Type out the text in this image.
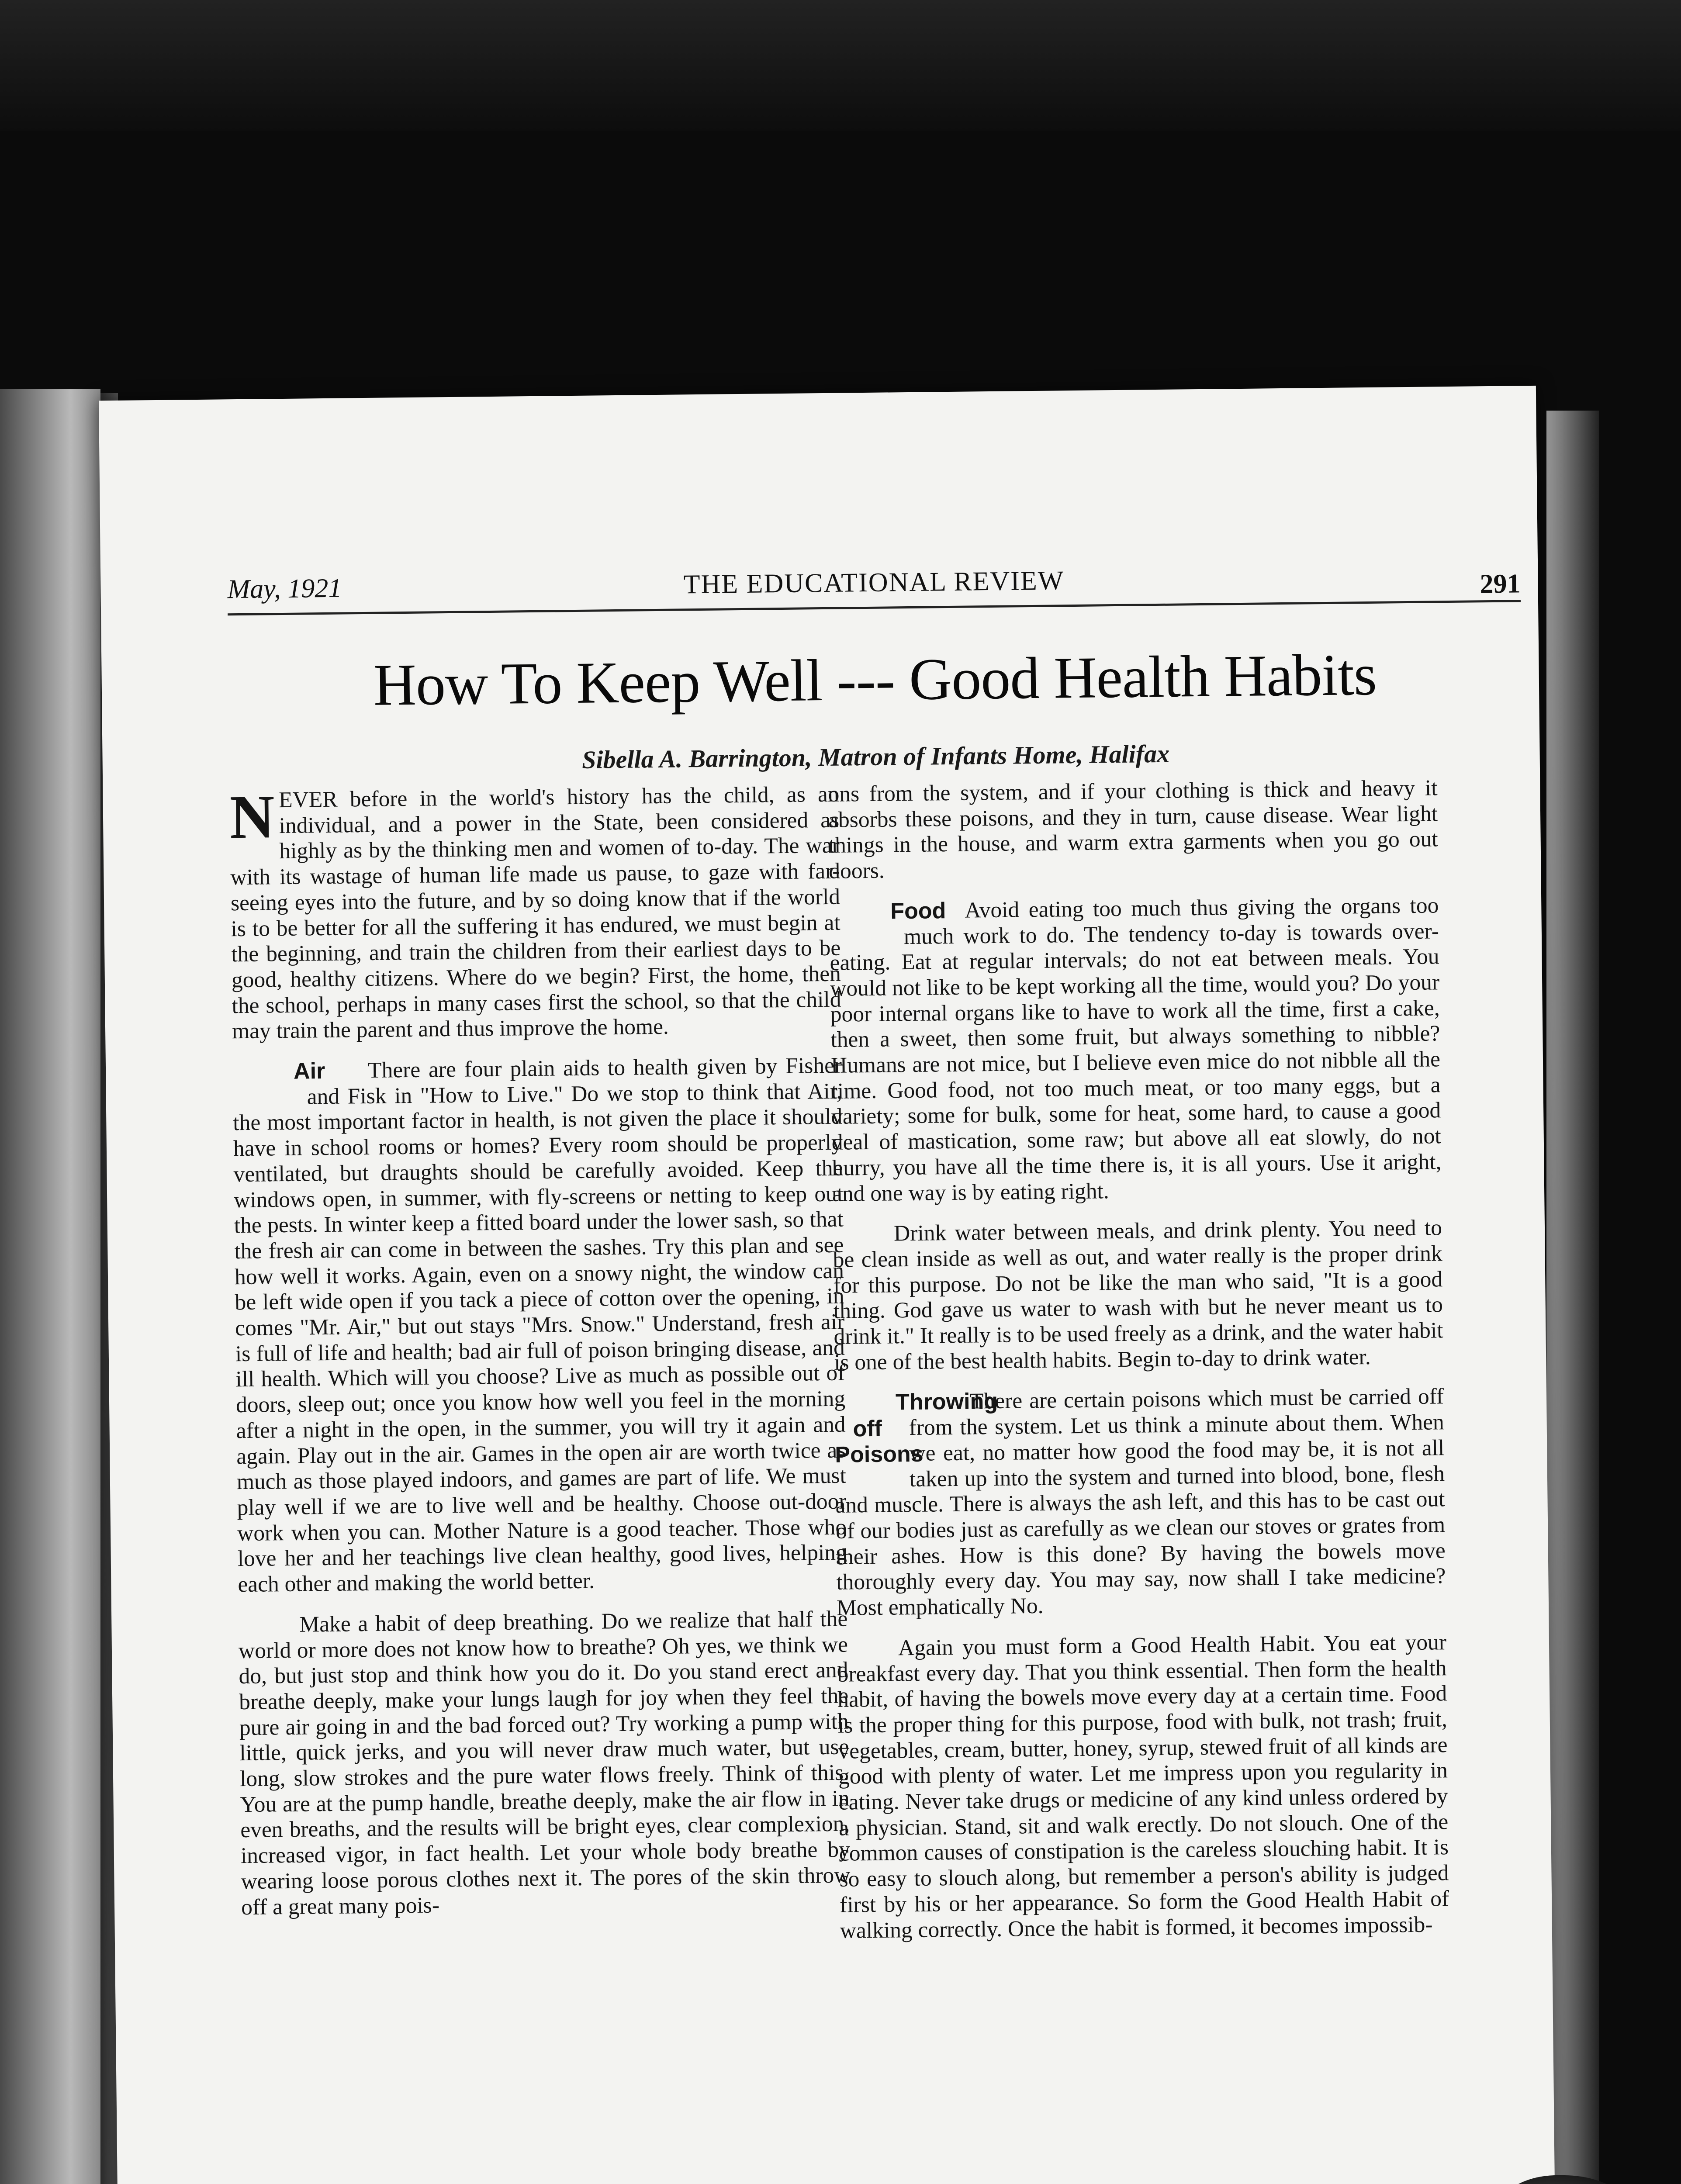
May, 1921	THE EDUCATIONAL REVIEW	291
How To Keep Well --- Good Health Habits
Sibella A. Barrington, Matron of Infants Home, Halifax

NEVER before in the world's history has the child, as an individual, and a power in the State, been considered as highly as by the thinking men and women of to-day. The war with its wastage of human life made us pause, to gaze with far-seeing eyes into the future, and by so doing know that if the world is to be better for all the suffering it has endured, we must begin at the beginning, and train the children from their earliest days to be good, healthy citizens. Where do we begin? First, the home, then the school, perhaps in many cases first the school, so that the child may train the parent and thus improve the home.

Air There are four plain aids to health given by Fisher and Fisk in "How to Live." Do we stop to think that Air, the most important factor in health, is not given the place it should have in school rooms or homes? Every room should be properly ventilated, but draughts should be carefully avoided. Keep the windows open, in summer, with fly-screens or netting to keep out the pests. In winter keep a fitted board under the lower sash, so that the fresh air can come in between the sashes. Try this plan and see how well it works. Again, even on a snowy night, the window can be left wide open if you tack a piece of cotton over the opening, in comes "Mr. Air," but out stays "Mrs. Snow." Understand, fresh air is full of life and health; bad air full of poison bringing disease, and ill health. Which will you choose? Live as much as possible out of doors, sleep out; once you know how well you feel in the morning after a night in the open, in the summer, you will try it again and again. Play out in the air. Games in the open air are worth twice as much as those played indoors, and games are part of life. We must play well if we are to live well and be healthy. Choose out-door work when you can. Mother Nature is a good teacher. Those who love her and her teachings live clean healthy, good lives, helping each other and making the world better.

Make a habit of deep breathing. Do we realize that half the world or more does not know how to breathe? Oh yes, we think we do, but just stop and think how you do it. Do you stand erect and breathe deeply, make your lungs laugh for joy when they feel the pure air going in and the bad forced out? Try working a pump with little, quick jerks, and you will never draw much water, but use long, slow strokes and the pure water flows freely. Think of this. You are at the pump handle, breathe deeply, make the air flow in in even breaths, and the results will be bright eyes, clear complexion, increased vigor, in fact health. Let your whole body breathe by wearing loose porous clothes next it. The pores of the skin throw off a great many pois-

ons from the system, and if your clothing is thick and heavy it absorbs these poisons, and they in turn, cause disease. Wear light things in the house, and warm extra garments when you go out doors.

Food Avoid eating too much thus giving the organs too much work to do. The tendency to-day is towards over-eating. Eat at regular intervals; do not eat between meals. You would not like to be kept working all the time, would you? Do your poor internal organs like to have to work all the time, first a cake, then a sweet, then some fruit, but always something to nibble? Humans are not mice, but I believe even mice do not nibble all the time. Good food, not too much meat, or too many eggs, but a variety; some for bulk, some for heat, some hard, to cause a good deal of mastication, some raw; but above all eat slowly, do not hurry, you have all the time there is, it is all yours. Use it aright, and one way is by eating right.

Drink water between meals, and drink plenty. You need to be clean inside as well as out, and water really is the proper drink for this purpose. Do not be like the man who said, "It is a good thing. God gave us water to wash with but he never meant us to drink it." It really is to be used freely as a drink, and the water habit is one of the best health habits. Begin to-day to drink water.

Throwing
off
Poisons
There are certain poisons which must be carried off from the system. Let us think a minute about them. When we eat, no matter how good the food may be, it is not all taken up into the system and turned into blood, bone, flesh and muscle. There is always the ash left, and this has to be cast out of our bodies just as carefully as we clean our stoves or grates from their ashes. How is this done? By having the bowels move thoroughly every day. You may say, now shall I take medicine? Most emphatically No.

Again you must form a Good Health Habit. You eat your breakfast every day. That you think essential. Then form the health habit, of having the bowels move every day at a certain time. Food is the proper thing for this purpose, food with bulk, not trash; fruit, vegetables, cream, butter, honey, syrup, stewed fruit of all kinds are good with plenty of water. Let me impress upon you regularity in eating. Never take drugs or medicine of any kind unless ordered by a physician. Stand, sit and walk erectly. Do not slouch. One of the common causes of constipation is the careless slouching habit. It is so easy to slouch along, but remember a person's ability is judged first by his or her appearance. So form the Good Health Habit of walking correctly. Once the habit is formed, it becomes impossib-
